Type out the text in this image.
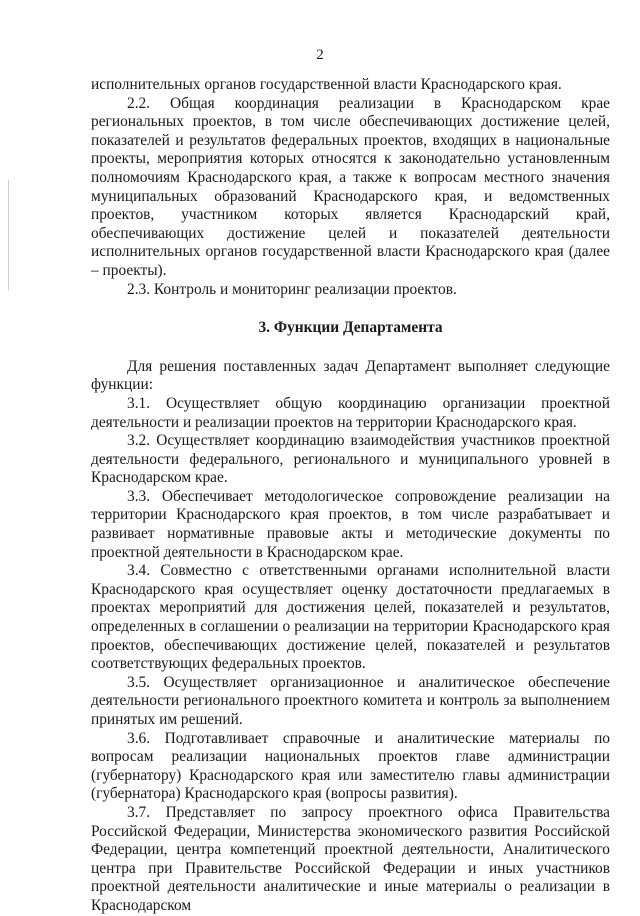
2

исполнительных органов государственной власти Краснодарского края.

2.2. Общая координация реализации в Краснодарском крае региональных проектов, в том числе обеспечивающих достижение целей, показателей и результатов федеральных проектов, входящих в национальные проекты, мероприятия которых относятся к законодательно установленным полномочиям Краснодарского края, а также к вопросам местного значения муниципальных образований Краснодарского края, и ведомственных проектов, участником которых является Краснодарский край, обеспечивающих достижение целей и показателей деятельности исполнительных органов государственной власти Краснодарского края (далее – проекты).

2.3. Контроль и мониторинг реализации проектов.

3. Функции Департамента

Для решения поставленных задач Департамент выполняет следующие функции:

3.1. Осуществляет общую координацию организации проектной деятельности и реализации проектов на территории Краснодарского края.

3.2. Осуществляет координацию взаимодействия участников проектной деятельности федерального, регионального и муниципального уровней в Краснодарском крае.

3.3. Обеспечивает методологическое сопровождение реализации на территории Краснодарского края проектов, в том числе разрабатывает и развивает нормативные правовые акты и методические документы по проектной деятельности в Краснодарском крае.

3.4. Совместно с ответственными органами исполнительной власти Краснодарского края осуществляет оценку достаточности предлагаемых в проектах мероприятий для достижения целей, показателей и результатов, определенных в соглашении о реализации на территории Краснодарского края проектов, обеспечивающих достижение целей, показателей и результатов соответствующих федеральных проектов.

3.5. Осуществляет организационное и аналитическое обеспечение деятельности регионального проектного комитета и контроль за выполнением принятых им решений.

3.6. Подготавливает справочные и аналитические материалы по вопросам реализации национальных проектов главе администрации (губернатору) Краснодарского края или заместителю главы администрации (губернатора) Краснодарского края (вопросы развития).

3.7. Представляет по запросу проектного офиса Правительства Российской Федерации, Министерства экономического развития Российской Федерации, центра компетенций проектной деятельности, Аналитического центра при Правительстве Российской Федерации и иных участников проектной деятельности аналитические и иные материалы о реализации в Краснодарском
